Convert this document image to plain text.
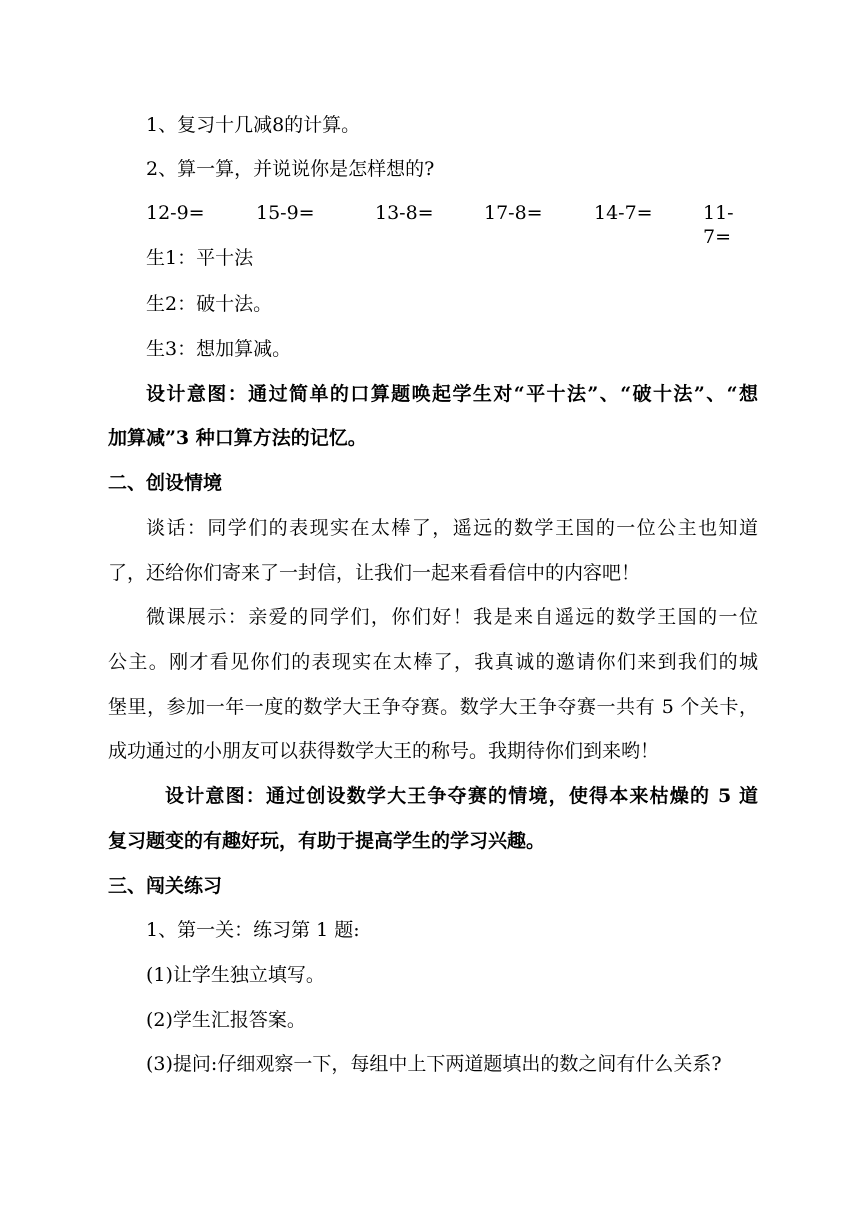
1、复习十几减8的计算。
2、算一算，并说说你是怎样想的?
12-9=	15-9=	13-8=	17-8=	14-7=	11-7=
生1：平十法
生2：破十法。
生3：想加算减。
设计意图：通过简单的口算题唤起学生对“平十法”、“破十法”、“想
加算减”3 种口算方法的记忆。
二、创设情境
谈话：同学们的表现实在太棒了，遥远的数学王国的一位公主也知道
了，还给你们寄来了一封信，让我们一起来看看信中的内容吧！
微课展示：亲爱的同学们，你们好！我是来自遥远的数学王国的一位
公主。刚才看见你们的表现实在太棒了，我真诚的邀请你们来到我们的城
堡里，参加一年一度的数学大王争夺赛。数学大王争夺赛一共有 5 个关卡，
成功通过的小朋友可以获得数学大王的称号。我期待你们到来哟！
设计意图：通过创设数学大王争夺赛的情境，使得本来枯燥的 5 道
复习题变的有趣好玩，有助于提高学生的学习兴趣。
三、闯关练习
1、第一关：练习第 1 题:
(1)让学生独立填写。
(2)学生汇报答案。
(3)提问:仔细观察一下，每组中上下两道题填出的数之间有什么关系?
